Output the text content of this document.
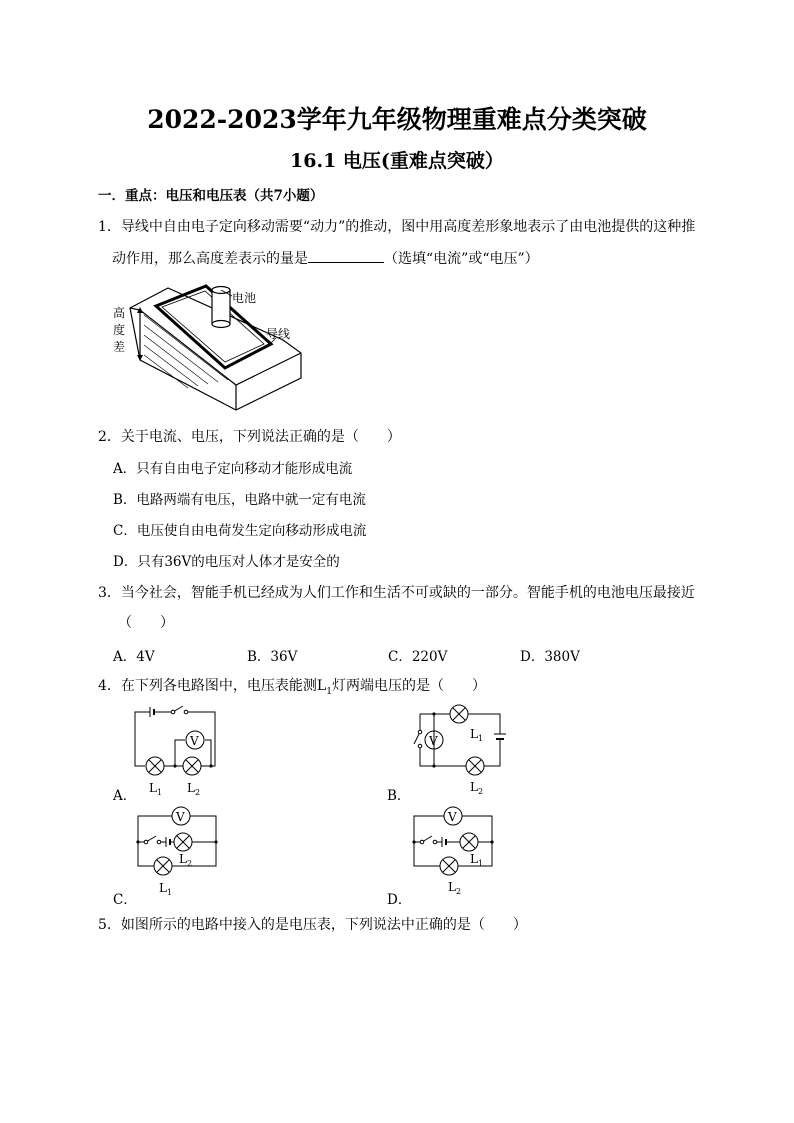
2022-2023学年九年级物理重难点分类突破
16.1 电压(重难点突破）
一．重点：电压和电压表（共7小题）
1．导线中自由电子定向移动需要“动力”的推动，图中用高度差形象地表示了由电池提供的这种推
动作用，那么高度差表示的量是	（选填“电流”或“电压”）
高
度
差
电池
导线
2．关于电流、电压，下列说法正确的是（　　）
A．只有自由电子定向移动才能形成电流
B．电路两端有电压，电路中就一定有电流
C．电压使自由电荷发生定向移动形成电流
D．只有36V的电压对人体才是安全的
3．当今社会，智能手机已经成为人们工作和生活不可或缺的一部分。智能手机的电池电压最接近
（　　）
A．4V	B．36V	C．220V	D．380V
4．在下列各电路图中，电压表能测$L_1$灯两端电压的是（　　）
A．
V
$L_1$ $L_2$	B．
V	$L_1$
$L_2$
C．
V
$L_2$
$L_1$	D．
V
$L_1$
$L_2$
5．如图所示的电路中接入的是电压表，下列说法中正确的是（　　）
